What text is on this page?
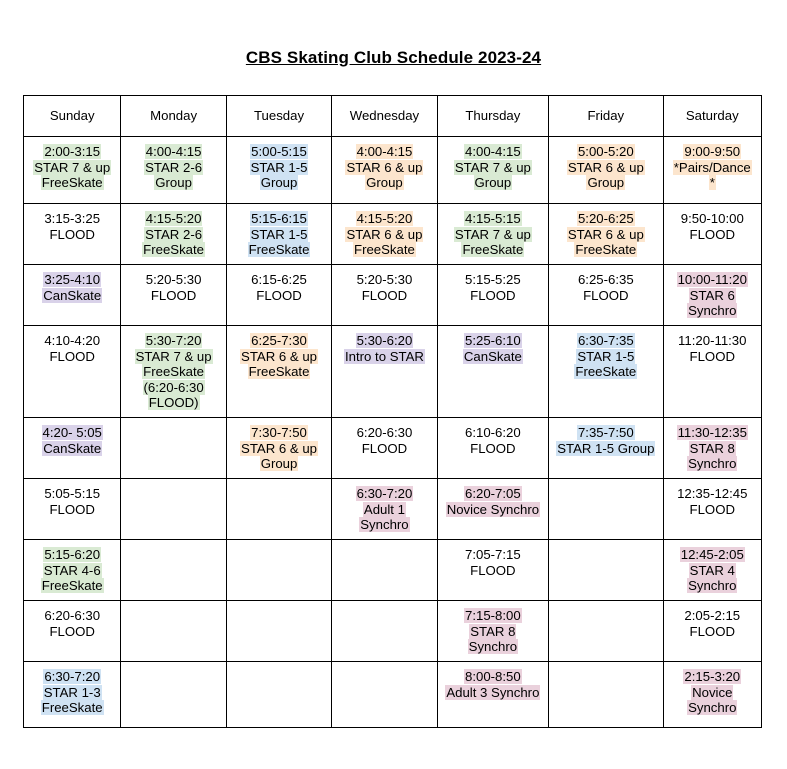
CBS Skating Club Schedule 2023-24
Sunday	Monday	Tuesday	Wednesday	Thursday	Friday	Saturday
2:00-3:15
STAR 7 & up
FreeSkate	4:00-4:15
STAR 2-6
Group	5:00-5:15
STAR 1-5
Group	4:00-4:15
STAR 6 & up
Group	4:00-4:15
STAR 7 & up
Group	5:00-5:20
STAR 6 & up
Group	9:00-9:50
*Pairs/Dance
*
3:15-3:25
FLOOD	4:15-5:20
STAR 2-6
FreeSkate	5:15-6:15
STAR 1-5
FreeSkate	4:15-5:20
STAR 6 & up
FreeSkate	4:15-5:15
STAR 7 & up
FreeSkate	5:20-6:25
STAR 6 & up
FreeSkate	9:50-10:00
FLOOD
3:25-4:10
CanSkate	5:20-5:30
FLOOD	6:15-6:25
FLOOD	5:20-5:30
FLOOD	5:15-5:25
FLOOD	6:25-6:35
FLOOD	10:00-11:20
STAR 6
Synchro
4:10-4:20
FLOOD	5:30-7:20
STAR 7 & up
FreeSkate
(6:20-6:30
FLOOD)	6:25-7:30
STAR 6 & up
FreeSkate	5:30-6:20
Intro to STAR	5:25-6:10
CanSkate	6:30-7:35
STAR 1-5
FreeSkate	11:20-11:30
FLOOD
4:20- 5:05
CanSkate		7:30-7:50
STAR 6 & up
Group	6:20-6:30
FLOOD	6:10-6:20
FLOOD	7:35-7:50
STAR 1-5 Group	11:30-12:35
STAR 8
Synchro
5:05-5:15
FLOOD			6:30-7:20
Adult 1
Synchro	6:20-7:05
Novice Synchro		12:35-12:45
FLOOD
5:15-6:20
STAR 4-6
FreeSkate				7:05-7:15
FLOOD		12:45-2:05
STAR 4
Synchro
6:20-6:30
FLOOD				7:15-8:00
STAR 8
Synchro		2:05-2:15
FLOOD
6:30-7:20
STAR 1-3
FreeSkate				8:00-8:50
Adult 3 Synchro		2:15-3:20
Novice
Synchro
